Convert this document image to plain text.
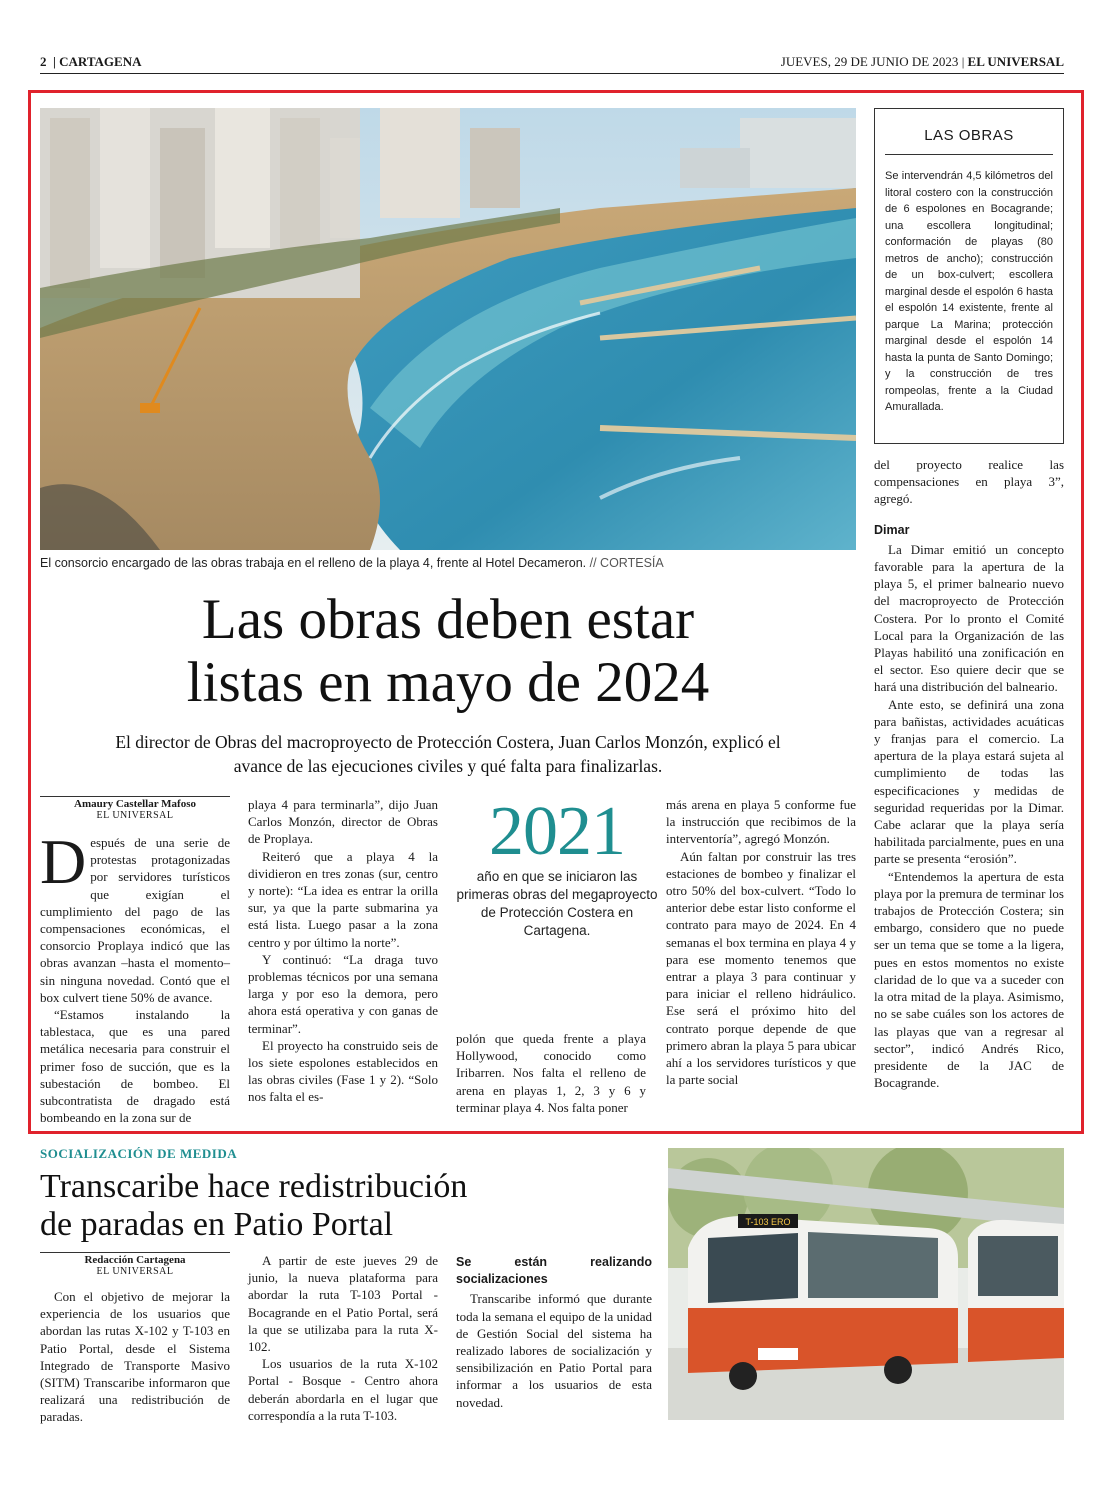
2  | CARTAGENA	JUEVES, 29 DE JUNIO DE 2023 | EL UNIVERSAL
El consorcio encargado de las obras trabaja en el relleno de la playa 4, frente al Hotel Decameron. // CORTESÍA
LAS OBRAS
Se intervendrán 4,5 kilómetros del litoral costero con la construcción de 6 espolones en Bocagrande; una escollera longitudinal; conformación de playas (80 metros de ancho); construcción de un box-culvert; escollera marginal desde el espolón 6 hasta el espolón 14 existente, frente al parque La Marina; protección marginal desde el espolón 14 hasta la punta de Santo Domingo; y la construcción de tres rompeolas, frente a la Ciudad Amurallada.
Las obras deben estar
listas en mayo de 2024
El director de Obras del macroproyecto de Protección Costera, Juan Carlos Monzón, explicó el avance de las ejecuciones civiles y qué falta para finalizarlas.
Amaury Castellar Mafoso
EL UNIVERSAL

Después de una serie de protestas protagonizadas por servidores turísticos que exigían el cumplimiento del pago de las compensaciones económicas, el consorcio Proplaya indicó que las obras avanzan –hasta el momento– sin ninguna novedad. Contó que el box culvert tiene 50% de avance.

“Estamos instalando la tablestaca, que es una pared metálica necesaria para construir el primer foso de succión, que es la subestación de bombeo. El subcontratista de dragado está bombeando en la zona sur de

playa 4 para terminarla”, dijo Juan Carlos Monzón, director de Obras de Proplaya.

Reiteró que a playa 4 la dividieron en tres zonas (sur, centro y norte): “La idea es entrar la orilla sur, ya que la parte submarina ya está lista. Luego pasar a la zona centro y por último la norte”.

Y continuó: “La draga tuvo problemas técnicos por una semana larga y por eso la demora, pero ahora está operativa y con ganas de terminar”.

El proyecto ha construido seis de los siete espolones establecidos en las obras civiles (Fase 1 y 2). “Solo nos falta el es-

2021
año en que se iniciaron las primeras obras del megaproyecto de Protección Costera en Cartagena.

polón que queda frente a playa Hollywood, conocido como Iribarren. Nos falta el relleno de arena en playas 1, 2, 3 y 6 y terminar playa 4. Nos falta poner

más arena en playa 5 conforme fue la instrucción que recibimos de la interventoría”, agregó Monzón.

Aún faltan por construir las tres estaciones de bombeo y finalizar el otro 50% del box-culvert. “Todo lo anterior debe estar listo conforme el contrato para mayo de 2024. En 4 semanas el box termina en playa 4 y para ese momento tenemos que entrar a playa 3 para continuar y para iniciar el relleno hidráulico. Ese será el próximo hito del contrato porque depende de que primero abran la playa 5 para ubicar ahí a los servidores turísticos y que la parte social

del proyecto realice las compensaciones en playa 3”, agregó.

Dimar

La Dimar emitió un concepto favorable para la apertura de la playa 5, el primer balneario nuevo del macroproyecto de Protección Costera. Por lo pronto el Comité Local para la Organización de las Playas habilitó una zonificación en el sector. Eso quiere decir que se hará una distribución del balneario.

Ante esto, se definirá una zona para bañistas, actividades acuáticas y franjas para el comercio. La apertura de la playa estará sujeta al cumplimiento de todas las especificaciones y medidas de seguridad requeridas por la Dimar. Cabe aclarar que la playa sería habilitada parcialmente, pues en una parte se presenta “erosión”.

“Entendemos la apertura de esta playa por la premura de terminar los trabajos de Protección Costera; sin embargo, considero que no puede ser un tema que se tome a la ligera, pues en estos momentos no existe claridad de lo que va a suceder con la otra mitad de la playa. Asimismo, no se sabe cuáles son los actores de las playas que van a regresar al sector”, indicó Andrés Rico, presidente de la JAC de Bocagrande.

SOCIALIZACIÓN DE MEDIDA
Transcaribe hace redistribución
de paradas en Patio Portal
Redacción Cartagena
EL UNIVERSAL

Con el objetivo de mejorar la experiencia de los usuarios que abordan las rutas X-102 y T-103 en Patio Portal, desde el Sistema Integrado de Transporte Masivo (SITM) Transcaribe informaron que realizará una redistribución de paradas.

A partir de este jueves 29 de junio, la nueva plataforma para abordar la ruta T-103 Portal - Bocagrande en el Patio Portal, será la que se utilizaba para la ruta X-102.

Los usuarios de la ruta X-102 Portal - Bosque - Centro ahora deberán abordarla en el lugar que correspondía a la ruta T-103.

Se están realizando socializaciones

Transcaribe informó que durante toda la semana el equipo de la unidad de Gestión Social del sistema ha realizado labores de socialización y sensibilización en Patio Portal para informar a los usuarios de esta novedad.

T-103 ERO
